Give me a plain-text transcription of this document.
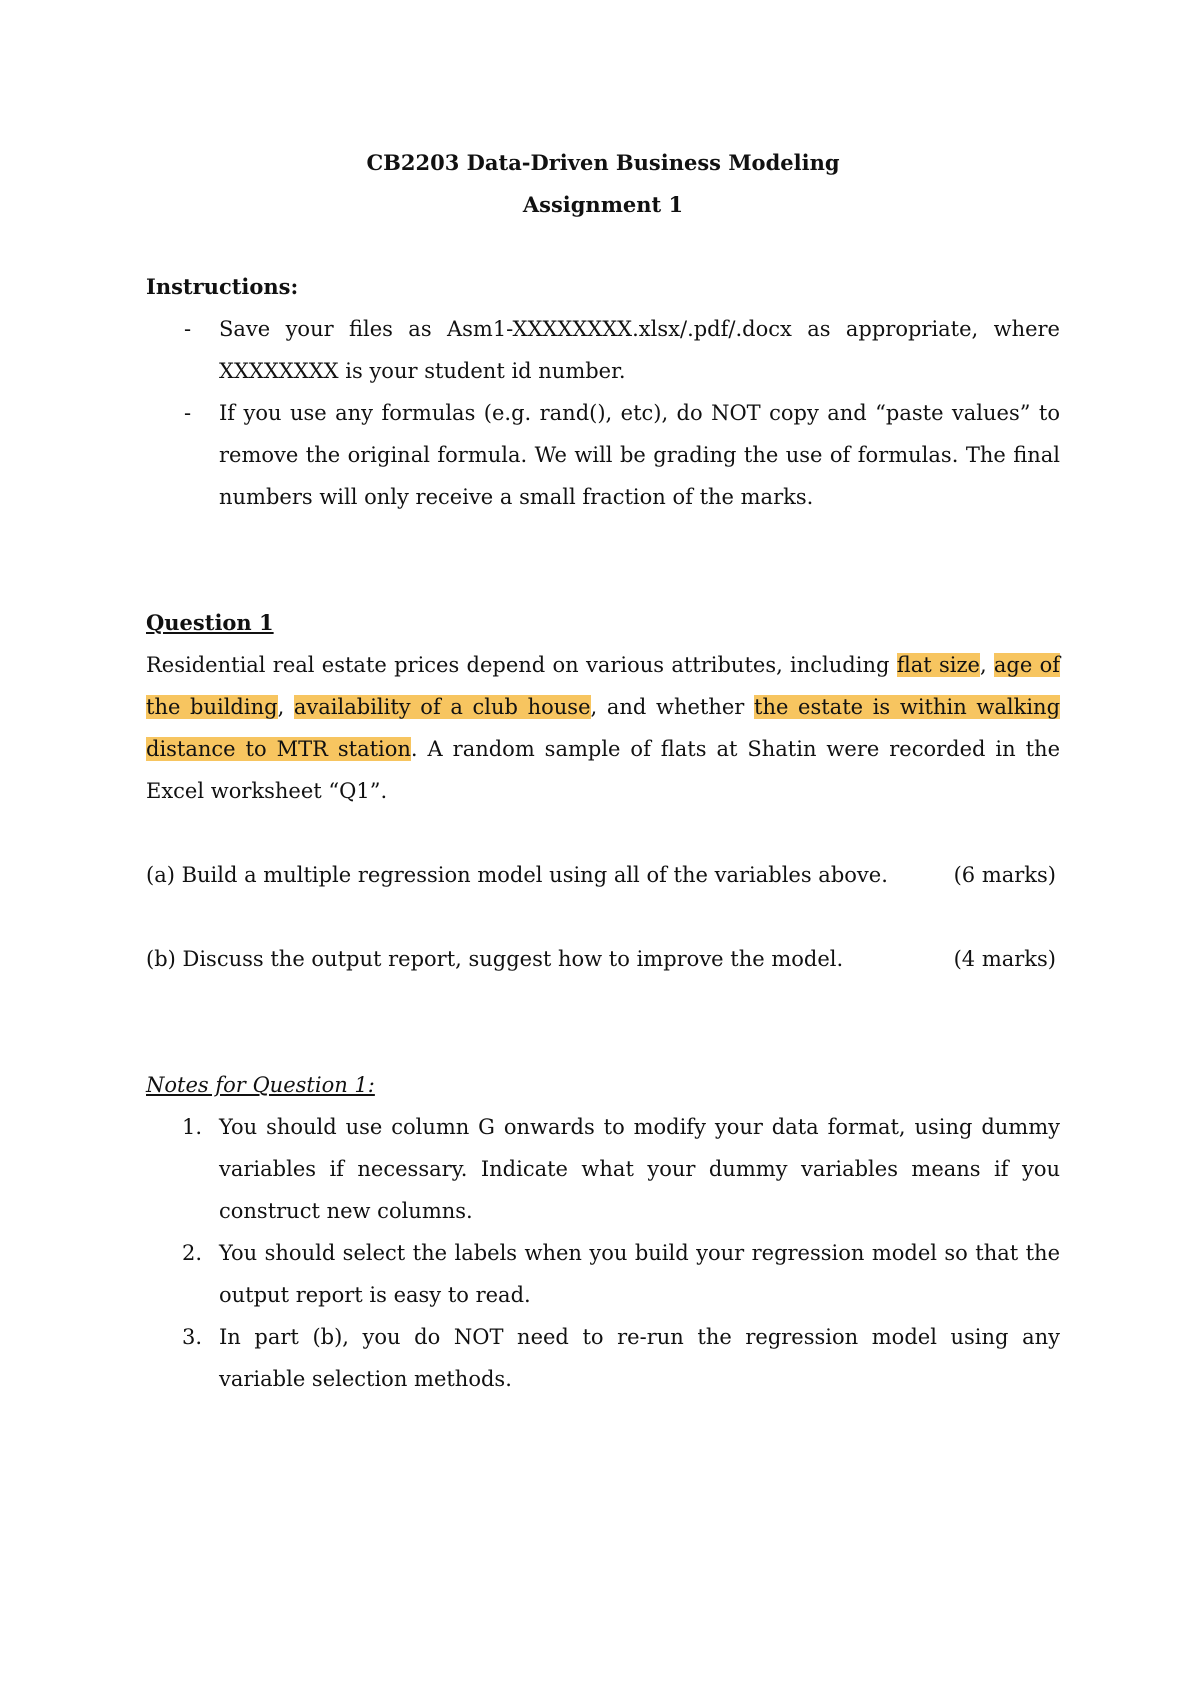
CB2203 Data-Driven Business Modeling
Assignment 1
Instructions:
- Save your files as Asm1-XXXXXXXX.xlsx/.pdf/.docx as appropriate, where XXXXXXXX is your student id number.
- If you use any formulas (e.g. rand(), etc), do NOT copy and “paste values” to remove the original formula. We will be grading the use of formulas. The final numbers will only receive a small fraction of the marks.
Question 1
Residential real estate prices depend on various attributes, including flat size, age of the building, availability of a club house, and whether the estate is within walking distance to MTR station. A random sample of flats at Shatin were recorded in the Excel worksheet “Q1”.
(a) Build a multiple regression model using all of the variables above.	(6 marks)
(b) Discuss the output report, suggest how to improve the model.	(4 marks)
Notes for Question 1:
1. You should use column G onwards to modify your data format, using dummy variables if necessary. Indicate what your dummy variables means if you construct new columns.
2. You should select the labels when you build your regression model so that the output report is easy to read.
3. In part (b), you do NOT need to re-run the regression model using any variable selection methods.
